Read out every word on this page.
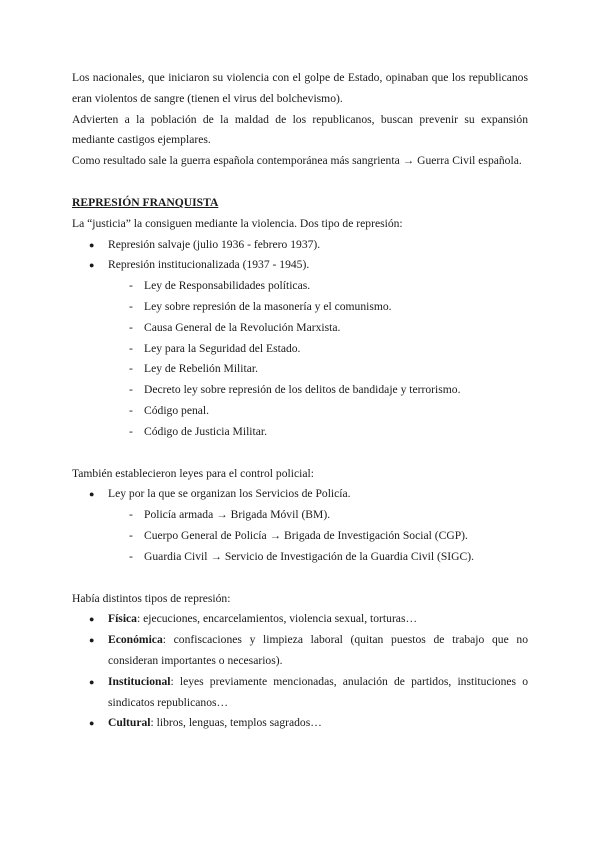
Los nacionales, que iniciaron su violencia con el golpe de Estado, opinaban que los republicanos eran violentos de sangre (tienen el virus del bolchevismo).

Advierten a la población de la maldad de los republicanos, buscan prevenir su expansión mediante castigos ejemplares.

Como resultado sale la guerra española contemporánea más sangrienta → Guerra Civil española.

REPRESIÓN FRANQUISTA

La “justicia” la consiguen mediante la violencia. Dos tipo de represión:

● Represión salvaje (julio 1936 - febrero 1937).
● Represión institucionalizada (1937 - 1945).
- Ley de Responsabilidades políticas.
- Ley sobre represión de la masonería y el comunismo.
- Causa General de la Revolución Marxista.
- Ley para la Seguridad del Estado.
- Ley de Rebelión Militar.
- Decreto ley sobre represión de los delitos de bandidaje y terrorismo.
- Código penal.
- Código de Justicia Militar.

También establecieron leyes para el control policial:

● Ley por la que se organizan los Servicios de Policía.
- Policía armada → Brigada Móvil (BM).
- Cuerpo General de Policía → Brigada de Investigación Social (CGP).
- Guardia Civil → Servicio de Investigación de la Guardia Civil (SIGC).

Había distintos tipos de represión:

● Física: ejecuciones, encarcelamientos, violencia sexual, torturas…
● Económica: confiscaciones y limpieza laboral (quitan puestos de trabajo que no consideran importantes o necesarios).
● Institucional: leyes previamente mencionadas, anulación de partidos, instituciones o sindicatos republicanos…
● Cultural: libros, lenguas, templos sagrados…
